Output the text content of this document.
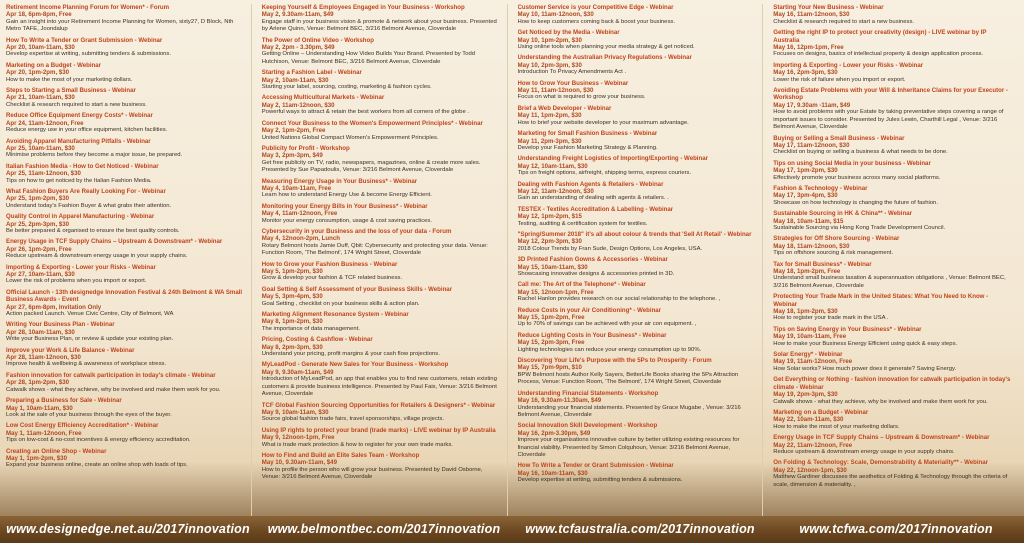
Retirement Income Planning Forum for Women* - Forum
Apr 18, 6pm-8pm, Free
Gain an insight into your Retirement Income Planning for Women, sixty27, D Block, Nth Metro TAFE, Joondalup
How To Write a Tender or Grant Submission - Webinar
Apr 20, 10am-11am, $30
Develop expertise at writing, submitting tenders & submissions.
Marketing on a Budget - Webinar
Apr 20, 1pm-2pm, $30
How to make the most of your marketing dollars.
Steps to Starting a Small Business - Webinar
Apr 21, 10am-11am, $30
Checklist & research required to start a new business.
Reduce Office Equipment Energy Costs* - Webinar
Apr 24, 11am-12noon, Free
Reduce energy use in your office equipment, kitchen facilities.
Avoiding Apparel Manufacturing Pitfalls - Webinar
Apr 25, 10am-11am, $30
Minimise problems before they become a major issue, be prepared.
Italian Fashion Media - How to Get Noticed - Webinar
Apr 25, 11am-12noon, $30
Tips on how to get noticed by the Italian Fashion Media.
What Fashion Buyers Are Really Looking For - Webinar
Apr 25, 1pm-2pm, $30
Understand today's Fashion Buyer & what grabs their attention.
Quality Control in Apparel Manufacturing - Webinar
Apr 25, 2pm-3pm, $30
Be better prepared & organised to ensure the best quality controls.
Energy Usage in TCF Supply Chains – Upstream & Downstream* - Webinar
Apr 26, 1pm-2pm, Free
Reduce upstream & downstream energy usage in your supply chains.
Importing & Exporting - Lower your Risks - Webinar
Apr 27, 10am-11am, $30
Lower the risk of problems when you import or export.
Official Launch - 13th designedge Innovation Festival & 24th Belmont & WA Small Business Awards - Event
Apr 27, 6pm-8pm, Invitation Only
Action packed Launch. Venue Civic Centre, City of Belmont, WA
Writing Your Business Plan - Webinar
Apr 28, 10am-11am, $30
Write your Business Plan, or review & update your existing plan.
Improve your Work & Life Balance - Webinar
Apr 28, 11am-12noon, $30
Improve health & wellbeing & awareness of workplace stress.
Fashion innovation for catwalk participation in today's climate - Webinar
Apr 28, 1pm-2pm, $30
Catwalk shows - what they achieve, why be involved and make them work for you.
Preparing a Business for Sale - Webinar
May 1, 10am-11am, $30
Look at the sale of your business through the eyes of the buyer.
Low Cost Energy Efficiency Accreditation* - Webinar
May 1, 11am-12noon, Free
Tips on low-cost & no-cost incentives & energy efficiency accreditation.
Creating an Online Shop - Webinar
May 1, 1pm-2pm, $30
Expand your business online, create an online shop with loads of tips.
Keeping Yourself & Employees Engaged in Your Business - Workshop
May 2, 9.30am-11am, $49
Engage staff in your business vision & promote & network about your business. Presented by Arlene Quinn, Venue: Belmont BEC, 3/216 Belmont Avenue, Cloverdale
The Power of Online Video - Workshop
May 2, 2pm - 3.30pm, $49
Getting Online – Understanding How Video Builds Your Brand. Presented by Todd Hutchison, Venue: Belmont BEC, 3/216 Belmont Avenue, Cloverdale
Starting a Fashion Label - Webinar
May 2, 10am-11am, $30
Starting your label, sourcing, costing, marketing & fashion cycles.
Accessing Multicultural Markets - Webinar
May 2, 11am-12noon, $30
Powerful ways to attract & retain the best workers from all corners of the globe .
Connect Your Business to the Women's Empowerment Principles* - Webinar
May 2, 1pm-2pm, Free
United Nations Global Compact Women's Empowerment Principles.
Publicity for Profit - Workshop
May 3, 2pm-3pm, $49
Get free publicity on TV, radio, newspapers, magazines, online & create more sales. Presented by Sue Papadoulis, Venue: 3/216 Belmont Avenue, Cloverdale
Measuring Energy Usage in Your Business* - Webinar
May 4, 10am-11am, Free
Learn how to understand Energy Use & become Energy Efficient.
Monitoring your Energy Bills in Your Business* - Webinar
May 4, 11am-12noon, Free
Monitor your energy consumption, usage & cost saving practices.
Cybersecurity in your Business and the loss of your data - Forum
May 4, 12noon-2pm, Lunch
Rotary Belmont hosts Jamie Duff, Qbit: Cybersecurity and protecting your data. Venue: Function Room, 'The Belmont', 174 Wright Street, Cloverdale
How to Grow your Fashion Business - Webinar
May 5, 1pm-2pm, $30
Grow & develop your fashion & TCF related business.
Goal Setting & Self Assessment of your Business Skills - Webinar
May 5, 3pm-4pm, $30
Goal Setting , checklist on your business skills & action plan.
Marketing Alignment Resonance System - Webinar
May 8, 1pm-2pm, $30
The importance of data management.
Pricing, Costing & Cashflow - Webinar
May 8, 2pm-3pm, $30
Understand your pricing, profit margins & your cash flow projections.
MyLeadPod - Generate New Sales for Your Business - Workshop
May 9, 9.30am-11am, $49
Introduction of MyLeadPod, an app that enables you to find new customers, retain existing customers & provide business intelligence. Presented by Paul Faix, Venue: 3/216 Belmont Avenue, Cloverdale
TCF Global Fashion Sourcing Opportunities for Retailers & Designers* - Webinar
May 9, 10am-11am, $30
Source global fashion trade fairs, travel sponsorships, village projects.
Using IP rights to protect your brand (trade marks) - LIVE webinar by IP Australia
May 9, 12noon-1pm, Free
What is trade mark protection & how to register for your own trade marks.
How to Find and Build an Elite Sales Team - Workshop
May 10, 9.30am-11am, $49
How to profile the person who will grow your business. Presented by David Osborne, Venue: 3/216 Belmont Avenue, Cloverdale
Customer Service is your Competitive Edge - Webinar
May 10, 11am-12noon, $30
How to keep customers coming back & boost your business.
Get Noticed by the Media - Webinar
May 10, 1pm-2pm, $30
Using online tools when planning your media strategy & get noticed.
Understanding the Australian Privacy Regulations - Webinar
May 10, 2pm-3pm, $30
Introduction To Privacy Amendments Act .
How to Grow Your Business - Webinar
May 11, 11am-12noon, $30
Focus on what is required to grow your business.
Brief a Web Developer - Webinar
May 11, 1pm-2pm, $30
How to brief your website developer to your maximum advantage.
Marketing for Small Fashion Business - Webinar
May 11, 2pm-3pm, $30
Develop your Fashion Marketing Strategy & Planning.
Understanding Freight Logistics of Importing/Exporting - Webinar
May 12, 10am-11am, $30
Tips on freight options, airfreight, shipping terms, express couriers.
Dealing with Fashion Agents & Retailers - Webinar
May 12, 11am-12noon, $30
Gain an understanding of dealing with agents & retailers. .
TESTEX - Textiles Accreditation & Labelling - Webinar
May 12, 1pm-2pm, $15
Testing, auditing & certification system for textiles.
"Spring/Summer 2018" it's all about colour & trends that 'Sell At Retail' - Webinar
May 12, 2pm-3pm, $30
2018 Colour Trends by Fran Sude, Design Options, Los Angeles, USA.
3D Printed Fashion Gowns & Accessories - Webinar
May 15, 10am-11am, $30
Showcasing innovative designs & accessories printed in 3D.
Call me: The Art of the Telephone* - Webinar
May 15, 12noon-1pm, Free
Rachel Hanlon provides research on our social relationship to the telephone. ,
Reduce Costs in your Air Conditioning* - Webinar
May 15, 1pm-2pm, Free
Up to 70% of savings can be achieved with your air con equipment. ,
Reduce Lighting Costs in Your Business* - Webinar
May 15, 2pm-3pm, Free
Lighting technologies can reduce your energy consumption up to 90%.
Discovering Your Life's Purpose with the 5Ps to Prosperity - Forum
May 15, 7pm-9pm, $10
BPW Belmont hosts Author Kelly Sayers, BetterLife Books sharing the 5Ps Attraction Process, Venue: Function Room, 'The Belmont', 174 Wright Street, Cloverdale
Understanding Financial Statements - Workshop
May 16, 9.30am-11.30am, $49
Understanding your financial statements. Presented by Grace Mugabe , Venue: 3/216 Belmont Avenue, Cloverdale
Social Innovation Skill Development - Workshop
May 16, 2pm-3.30pm, $49
Improve your organisations innovative culture by better utilizing existing resources for financial viability. Presented by Simon Colquhoun, Venue: 3/216 Belmont Avenue, Cloverdale
How To Write a Tender or Grant Submission - Webinar
May 16, 10am-11am, $30
Develop expertise at writing, submitting tenders & submissions.
Starting Your New Business - Webinar
May 16, 11am-12noon, $30
Checklist & research required to start a new business.
Getting the right IP to protect your creativity (design) - LIVE webinar by IP Australia
May 16, 12pm-1pm, Free
Focuses on designs, basics of intellectual property & design application process.
Importing & Exporting - Lower your Risks - Webinar
May 16, 2pm-3pm, $30
Lower the risk of failure when you import or export.
Avoiding Estate Problems with your Will & Inheritance Claims for your Executor - Workshop
May 17, 9.30am -11am, $49
How to avoid problems with your Estate by taking preventative steps covering a range of important issues to consider. Presented by Jules Lewin, Charthill Legal , Venue: 3/216 Belmont Avenue, Cloverdale
Buying or Selling a Small Business - Webinar
May 17, 11am-12noon, $30
Checklist on buying or selling a business & what needs to be done.
Tips on using Social Media in your business - Webinar
May 17, 1pm-2pm, $30
Effectively promote your business across many social platforms.
Fashion & Technology - Webinar
May 17, 3pm-4pm, $30
Showcase on how technology is changing the future of fashion.
Sustainable Sourcing in HK & China** - Webinar
May 18, 10am-11am, $15
Sustainable Sourcing via Hong Kong Trade Development Council.
Strategies for Off Shore Sourcing - Webinar
May 18, 11am-12noon, $30
Tips on offshore sourcing & risk management.
Tax for Small Business* - Webinar
May 18, 1pm-2pm, Free
Understand small business taxation & superannuation obligations , Venue: Belmont BEC, 3/216 Belmont Avenue, Cloverdale
Protecting Your Trade Mark in the United States: What You Need to Know - Webinar
May 18, 1pm-2pm, $30
How to register your trade mark in the USA .
Tips on Saving Energy in Your Business* - Webinar
May 19, 10am-11am, Free
How to make your Business Energy Efficient using quick & easy steps.
Solar Energy* - Webinar
May 19, 11am-12noon, Free
How Solar works? How much power does it generate? Saving Energy.
Get Everything or Nothing - fashion innovation for catwalk participation in today's climate - Webinar
May 19, 2pm-3pm, $30
Catwalk shows - what they achieve, why be involved and make them work for you.
Marketing on a Budget - Webinar
May 22, 10am-11am, $30
How to make the most of your marketing dollars.
Energy Usage in TCF Supply Chains – Upstream & Downstream* - Webinar
May 22, 11am-12noon, Free
Reduce upstream & downstream energy usage in your supply chains.
On Folding & Technology: Scale, Demonstrability & Materiality** - Webinar
May 22, 12noon-1pm, $30
Matthew Gardiner discusses the aesthetics of Folding & Technology through the criteria of scale, dimension & materiality. ,
www.designedge.net.au/2017innovation	www.belmontbec.com/2017innovation	www.tcfaustralia.com/2017innovation	www.tcfwa.com/2017innovation
